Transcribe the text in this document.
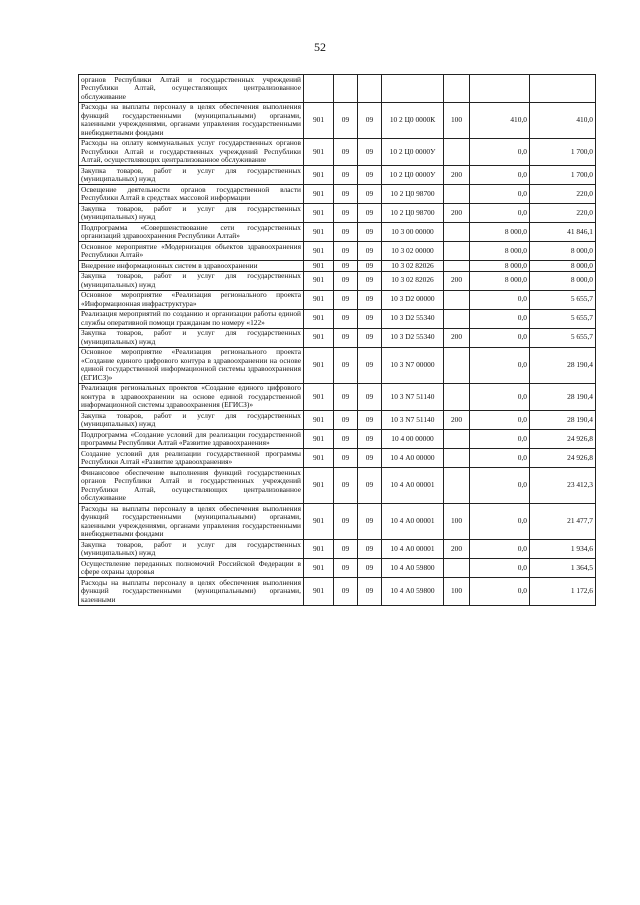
52
органов Республики Алтай и государственных учреждений Республики Алтай, осуществляющих централизованное обслуживание							
Расходы на выплаты персоналу в целях обеспечения выполнения функций государственными (муниципальными) органами, казенными учреждениями, органами управления государственными внебюджетными фондами	901	09	09	10 2 Ц0 0000К	100	410,0	410,0
Расходы на оплату коммунальных услуг государственных органов Республики Алтай и государственных учреждений Республики Алтай, осуществляющих централизованное обслуживание	901	09	09	10 2 Ц0 0000У		0,0	1 700,0
Закупка товаров, работ и услуг для государственных (муниципальных) нужд	901	09	09	10 2 Ц0 0000У	200	0,0	1 700,0
Освещение деятельности органов государственной власти Республики Алтай в средствах массовой информации	901	09	09	10 2 Ц0 98700		0,0	220,0
Закупка товаров, работ и услуг для государственных (муниципальных) нужд	901	09	09	10 2 Ц0 98700	200	0,0	220,0
Подпрограмма «Совершенствование сети государственных организаций здравоохранения Республики Алтай»	901	09	09	10 3 00 00000		8 000,0	41 846,1
Основное мероприятие «Модернизация объектов здравоохранения Республики Алтай»	901	09	09	10 3 02 00000		8 000,0	8 000,0
Внедрение информационных систем в здравоохранении	901	09	09	10 3 02 82026		8 000,0	8 000,0
Закупка товаров, работ и услуг для государственных (муниципальных) нужд	901	09	09	10 3 02 82026	200	8 000,0	8 000,0
Основное мероприятие «Реализация регионального проекта «Информационная инфраструктура»	901	09	09	10 3 D2 00000		0,0	5 655,7
Реализация мероприятий по созданию и организации работы единой службы оперативной помощи гражданам по номеру «122»	901	09	09	10 3 D2 55340		0,0	5 655,7
Закупка товаров, работ и услуг для государственных (муниципальных) нужд	901	09	09	10 3 D2 55340	200	0,0	5 655,7
Основное мероприятие «Реализация регионального проекта «Создание единого цифрового контура в здравоохранении на основе единой государственной информационной системы здравоохранения (ЕГИСЗ)»	901	09	09	10 3 N7 00000		0,0	28 190,4
Реализация региональных проектов «Создание единого цифрового контура в здравоохранении на основе единой государственной информационной системы здравоохранения (ЕГИСЗ)»	901	09	09	10 3 N7 51140		0,0	28 190,4
Закупка товаров, работ и услуг для государственных (муниципальных) нужд	901	09	09	10 3 N7 51140	200	0,0	28 190,4
Подпрограмма «Создание условий для реализации государственной программы Республики Алтай «Развитие здравоохранения»	901	09	09	10 4 00 00000		0,0	24 926,8
Создание условий для реализации государственной программы Республики Алтай «Развитие здравоохранения»	901	09	09	10 4 А0 00000		0,0	24 926,8
Финансовое обеспечение выполнения функций государственных органов Республики Алтай и государственных учреждений Республики Алтай, осуществляющих централизованное обслуживание	901	09	09	10 4 А0 00001		0,0	23 412,3
Расходы на выплаты персоналу в целях обеспечения выполнения функций государственными (муниципальными) органами, казенными учреждениями, органами управления государственными внебюджетными фондами	901	09	09	10 4 А0 00001	100	0,0	21 477,7
Закупка товаров, работ и услуг для государственных (муниципальных) нужд	901	09	09	10 4 А0 00001	200	0,0	1 934,6
Осуществление переданных полномочий Российской Федерации в сфере охраны здоровья	901	09	09	10 4 А0 59800		0,0	1 364,5
Расходы на выплаты персоналу в целях обеспечения выполнения функций государственными (муниципальными) органами, казенными	901	09	09	10 4 А0 59800	100	0,0	1 172,6
